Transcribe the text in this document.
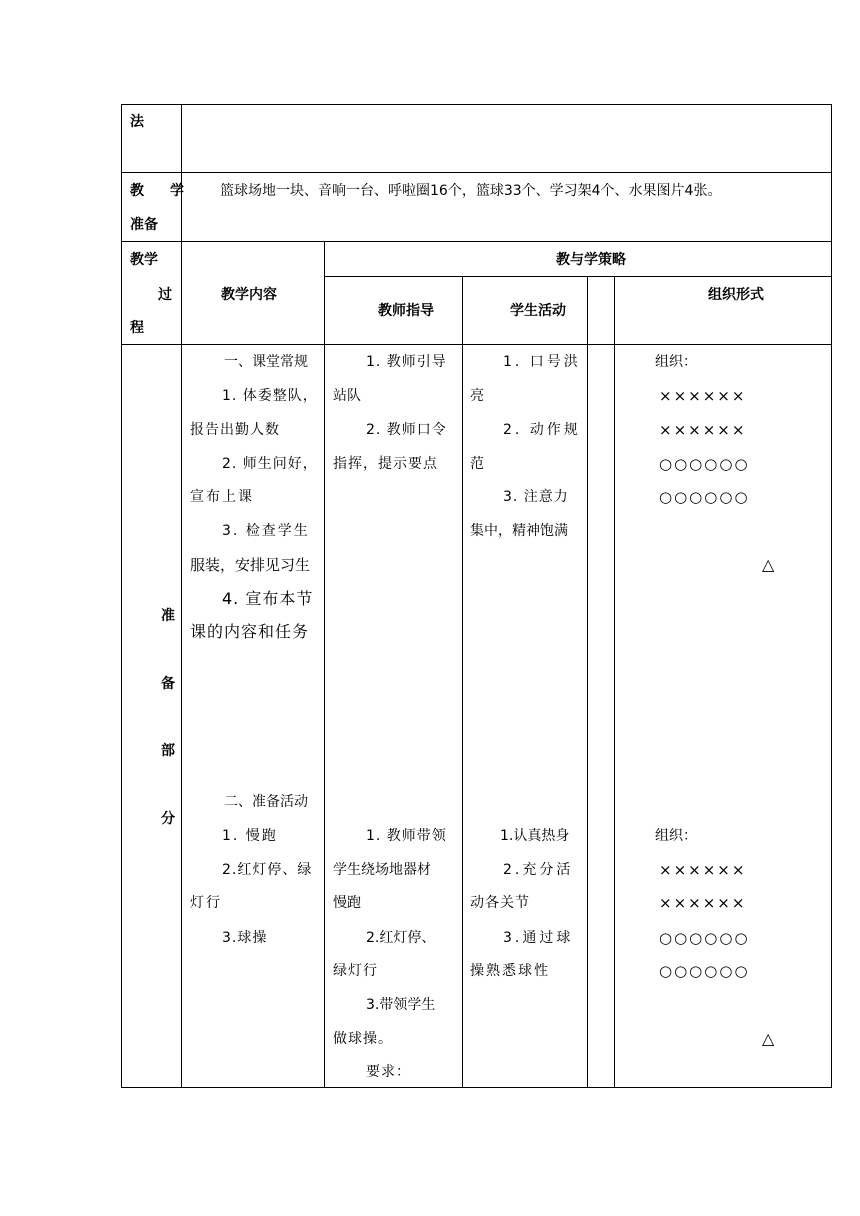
法
教　学
准备
篮球场地一块、音响一台、呼啦圈16个，篮球33个、学习架4个、水果图片4张。
教学
过
程
教学内容
教与学策略
教师指导	学生活动
组织形式
准
备
部
分
一、课堂常规
1. 体委整队，
报告出勤人数
2. 师生问好，
宣布上课
3. 检查学生
服装，安排见习生
4. 宣布本节
课的内容和任务
1. 教师引导
站队
2. 教师口令
指挥，提示要点
1. 口号洪
亮
2. 动作规
范
3. 注意力
集中，精神饱满
组织：
××××××
××××××
○○○○○○
○○○○○○
△
二、准备活动
1. 慢跑
2.红灯停、绿
灯行
3.球操
1. 教师带领
学生绕场地器材
慢跑
2.红灯停、
绿灯行
3.带领学生
做球操。
要求：
1.认真热身
2.充分活
动各关节
3.通过球
操熟悉球性
组织：
××××××
××××××
○○○○○○
○○○○○○
△
